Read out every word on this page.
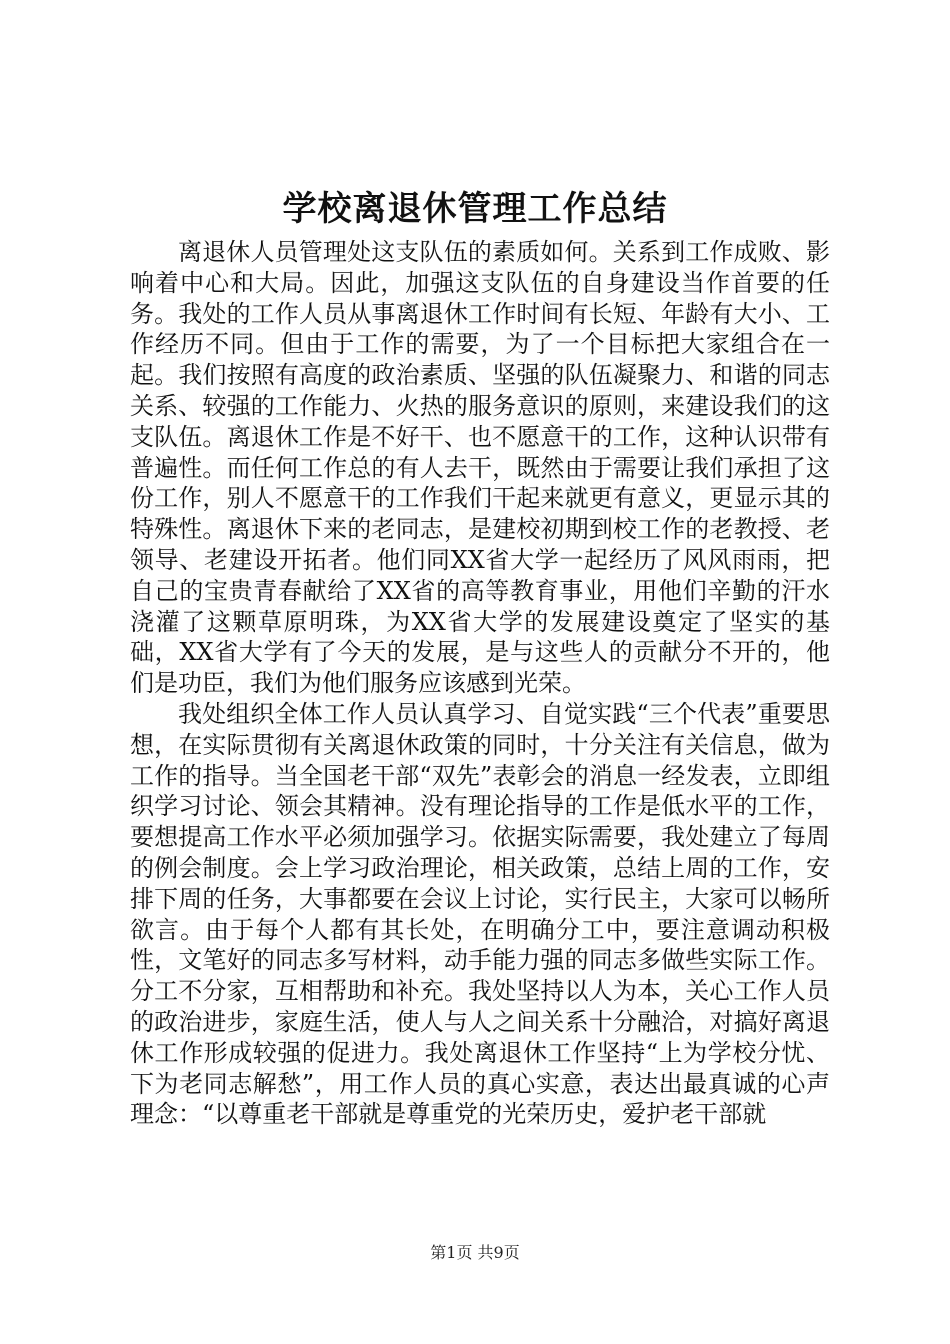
学校离退休管理工作总结

离退休人员管理处这支队伍的素质如何。关系到工作成败、影响着中心和大局。因此，加强这支队伍的自身建设当作首要的任务。我处的工作人员从事离退休工作时间有长短、年龄有大小、工作经历不同。但由于工作的需要，为了一个目标把大家组合在一起。我们按照有高度的政治素质、坚强的队伍凝聚力、和谐的同志关系、较强的工作能力、火热的服务意识的原则，来建设我们的这支队伍。离退休工作是不好干、也不愿意干的工作，这种认识带有普遍性。而任何工作总的有人去干，既然由于需要让我们承担了这份工作，别人不愿意干的工作我们干起来就更有意义，更显示其的特殊性。离退休下来的老同志，是建校初期到校工作的老教授、老领导、老建设开拓者。他们同XX省大学一起经历了风风雨雨，把自己的宝贵青春献给了XX省的高等教育事业，用他们辛勤的汗水浇灌了这颗草原明珠，为XX省大学的发展建设奠定了坚实的基础，XX省大学有了今天的发展，是与这些人的贡献分不开的，他们是功臣，我们为他们服务应该感到光荣。

我处组织全体工作人员认真学习、自觉实践“三个代表”重要思想，在实际贯彻有关离退休政策的同时，十分关注有关信息，做为工作的指导。当全国老干部“双先”表彰会的消息一经发表，立即组织学习讨论、领会其精神。没有理论指导的工作是低水平的工作，要想提高工作水平必须加强学习。依据实际需要，我处建立了每周的例会制度。会上学习政治理论，相关政策，总结上周的工作，安排下周的任务，大事都要在会议上讨论，实行民主，大家可以畅所欲言。由于每个人都有其长处，在明确分工中，要注意调动积极性，文笔好的同志多写材料，动手能力强的同志多做些实际工作。分工不分家，互相帮助和补充。我处坚持以人为本，关心工作人员的政治进步，家庭生活，使人与人之间关系十分融洽，对搞好离退休工作形成较强的促进力。我处离退休工作坚持“上为学校分忧、下为老同志解愁”，用工作人员的真心实意，表达出最真诚的心声理念：“以尊重老干部就是尊重党的光荣历史，爱护老干部就

第1页 共9页
